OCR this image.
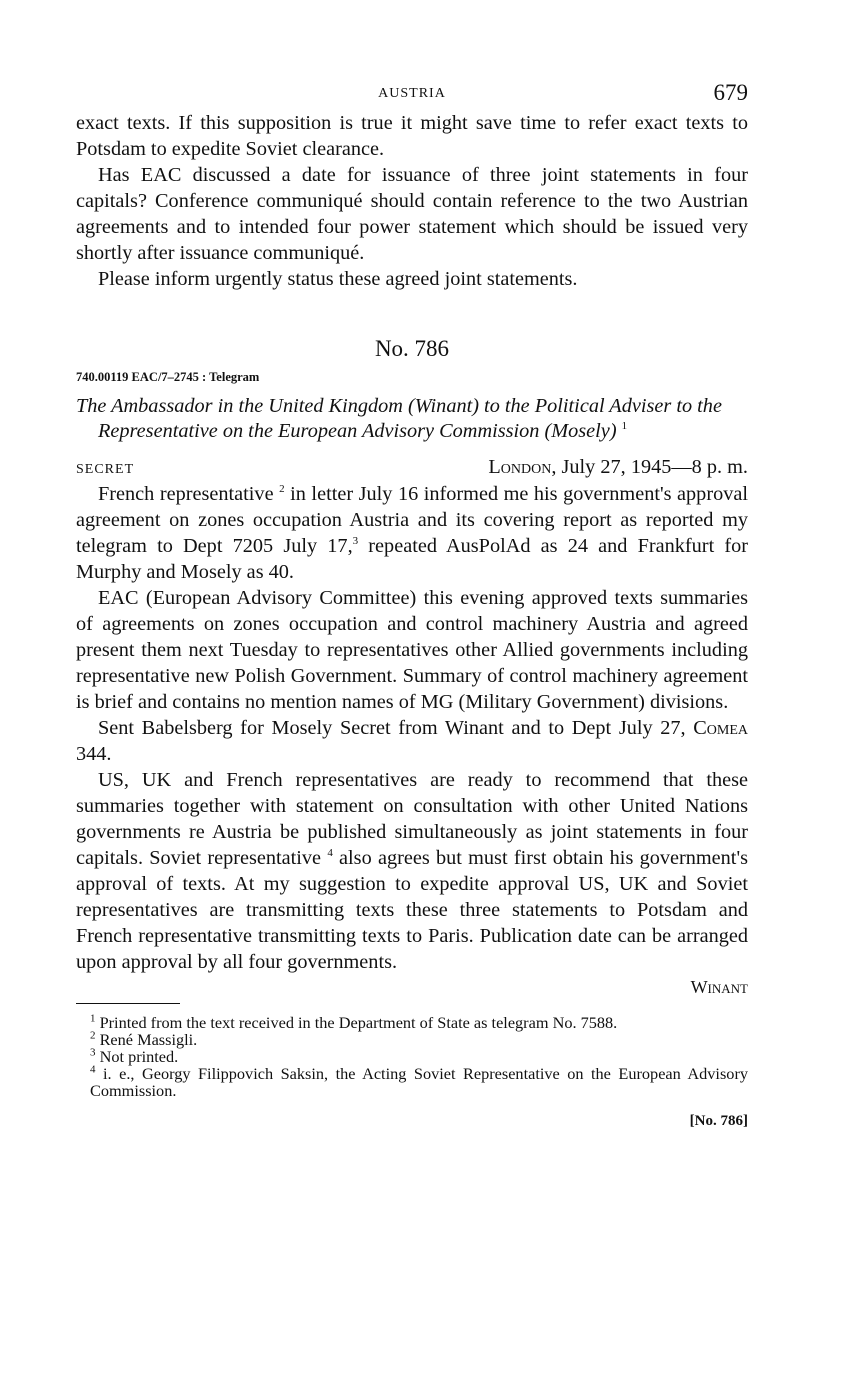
AUSTRIA	679

exact texts. If this supposition is true it might save time to refer exact texts to Potsdam to expedite Soviet clearance.

Has EAC discussed a date for issuance of three joint statements in four capitals? Conference communiqué should contain reference to the two Austrian agreements and to intended four power statement which should be issued very shortly after issuance communiqué.

Please inform urgently status these agreed joint statements.

No. 786
740.00119 EAC/7–2745 : Telegram
The Ambassador in the United Kingdom (Winant) to the Political Adviser to the Representative on the European Advisory Commission (Mosely) $^1$
SECRET	London, July 27, 1945—8 p. m.

French representative $^2$ in letter July 16 informed me his government's approval agreement on zones occupation Austria and its covering report as reported my telegram to Dept 7205 July 17,$^3$ repeated AusPolAd as 24 and Frankfurt for Murphy and Mosely as 40.

EAC (European Advisory Committee) this evening approved texts summaries of agreements on zones occupation and control machinery Austria and agreed present them next Tuesday to representatives other Allied governments including representative new Polish Government. Summary of control machinery agreement is brief and contains no mention names of MG (Military Government) divisions.

Sent Babelsberg for Mosely Secret from Winant and to Dept July 27, Comea 344.

US, UK and French representatives are ready to recommend that these summaries together with statement on consultation with other United Nations governments re Austria be published simultaneously as joint statements in four capitals. Soviet representative $^4$ also agrees but must first obtain his government's approval of texts. At my suggestion to expedite approval US, UK and Soviet representatives are transmitting texts these three statements to Potsdam and French representative transmitting texts to Paris. Publication date can be arranged upon approval by all four governments.

Winant
$^1$ Printed from the text received in the Department of State as telegram No. 7588.
$^2$ René Massigli.
$^3$ Not printed.
$^4$ i. e., Georgy Filippovich Saksin, the Acting Soviet Representative on the European Advisory Commission.
[No. 786]
